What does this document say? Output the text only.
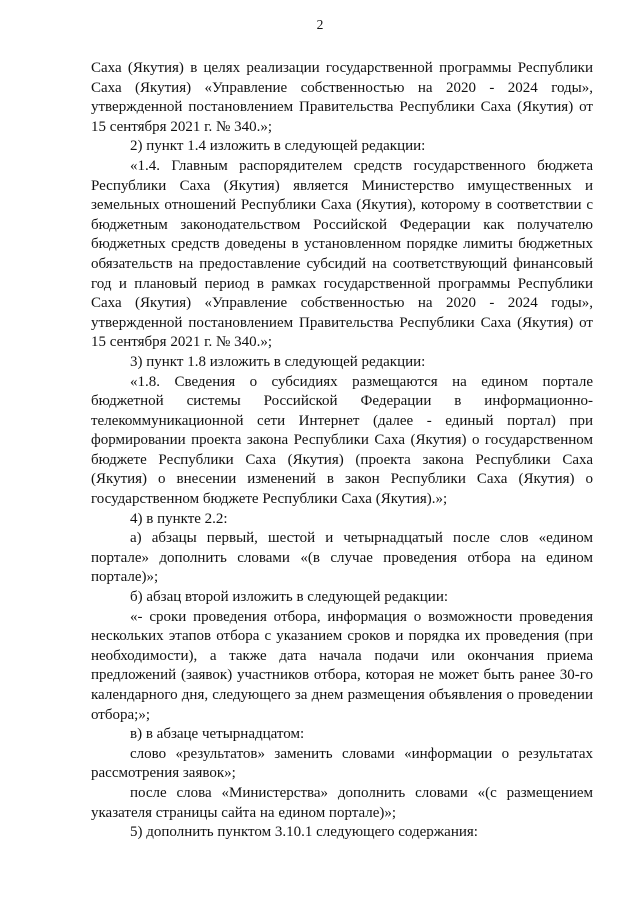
2

Саха (Якутия) в целях реализации государственной программы Республики Саха (Якутия) «Управление собственностью на 2020 - 2024 годы», утвержденной постановлением Правительства Республики Саха (Якутия) от 15 сентября 2021 г. № 340.»;

2) пункт 1.4 изложить в следующей редакции:

«1.4. Главным распорядителем средств государственного бюджета Республики Саха (Якутия) является Министерство имущественных и земельных отношений Республики Саха (Якутия), которому в соответствии с бюджетным законодательством Российской Федерации как получателю бюджетных средств доведены в установленном порядке лимиты бюджетных обязательств на предоставление субсидий на соответствующий финансовый год и плановый период в рамках государственной программы Республики Саха (Якутия) «Управление собственностью на 2020 - 2024 годы», утвержденной постановлением Правительства Республики Саха (Якутия) от 15 сентября 2021 г. № 340.»;

3) пункт 1.8 изложить в следующей редакции:

«1.8. Сведения о субсидиях размещаются на едином портале бюджетной системы Российской Федерации в информационно-телекоммуникационной сети Интернет (далее - единый портал) при формировании проекта закона Республики Саха (Якутия) о государственном бюджете Республики Саха (Якутия) (проекта закона Республики Саха (Якутия) о внесении изменений в закон Республики Саха (Якутия) о государственном бюджете Республики Саха (Якутия).»;

4) в пункте 2.2:

а) абзацы первый, шестой и четырнадцатый после слов «едином портале» дополнить словами «(в случае проведения отбора на едином портале)»;

б) абзац второй изложить в следующей редакции:

«- сроки проведения отбора, информация о возможности проведения нескольких этапов отбора с указанием сроков и порядка их проведения (при необходимости), а также дата начала подачи или окончания приема предложений (заявок) участников отбора, которая не может быть ранее 30-го календарного дня, следующего за днем размещения объявления о проведении отбора;»;

в) в абзаце четырнадцатом:

слово «результатов» заменить словами «информации о результатах рассмотрения заявок»;

после слова «Министерства» дополнить словами «(с размещением указателя страницы сайта на едином портале)»;

5) дополнить пунктом 3.10.1 следующего содержания:
